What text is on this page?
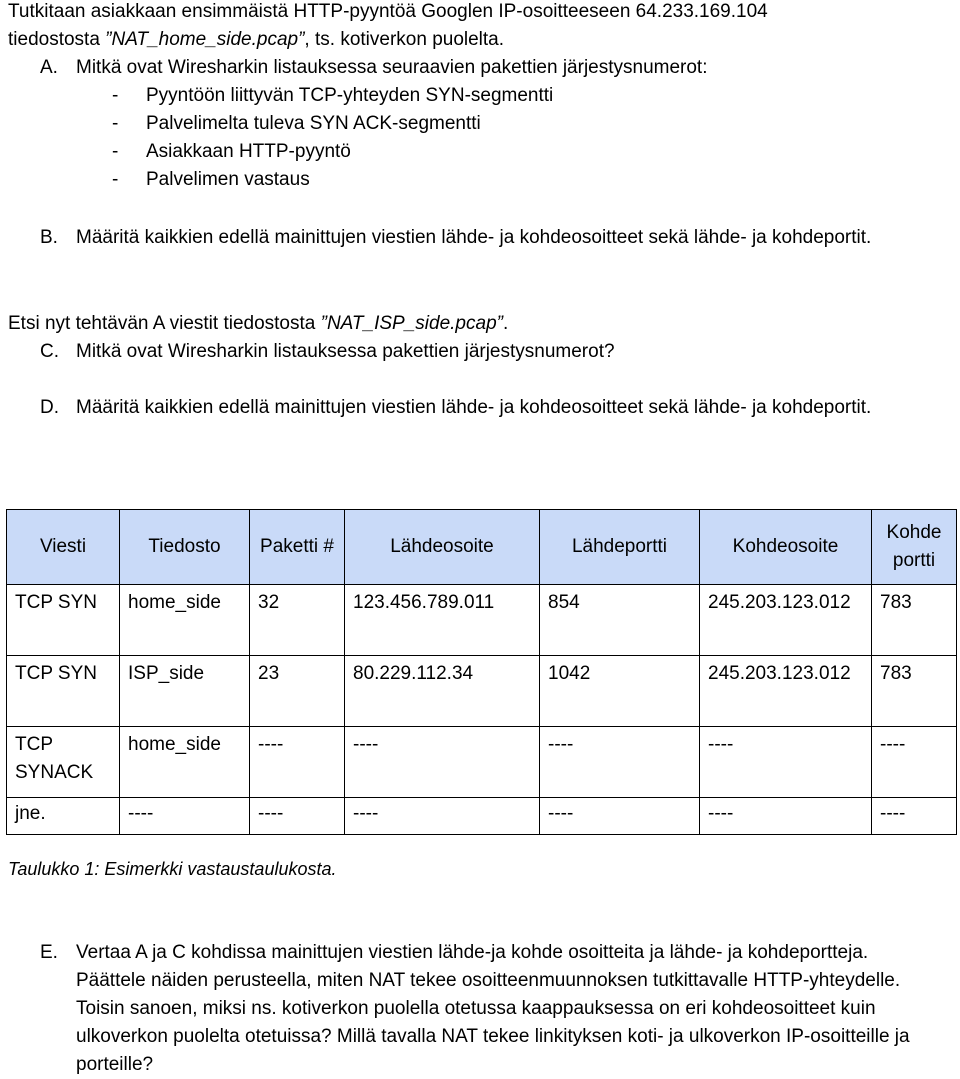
Tutkitaan asiakkaan ensimmäistä HTTP-pyyntöä Googlen IP-osoitteeseen 64.233.169.104

tiedostosta ”NAT_home_side.pcap”, ts. kotiverkon puolelta.

A. Mitkä ovat Wiresharkin listauksessa seuraavien pakettien järjestysnumerot:
- Pyyntöön liittyvän TCP-yhteyden SYN-segmentti
- Palvelimelta tuleva SYN ACK-segmentti
- Asiakkaan HTTP-pyyntö
- Palvelimen vastaus
B. Määritä kaikkien edellä mainittujen viestien lähde- ja kohdeosoitteet sekä lähde- ja kohdeportit.

Etsi nyt tehtävän A viestit tiedostosta ”NAT_ISP_side.pcap”.

C. Mitkä ovat Wiresharkin listauksessa pakettien järjestysnumerot?
D. Määritä kaikkien edellä mainittujen viestien lähde- ja kohdeosoitteet sekä lähde- ja kohdeportit.
Viesti	Tiedosto	Paketti #	Lähdeosoite	Lähdeportti	Kohdeosoite	Kohde portti
TCP SYN	home_side	32	123.456.789.011	854	245.203.123.012	783
TCP SYN	ISP_side	23	80.229.112.34	1042	245.203.123.012	783
TCP SYNACK	home_side	----	----	----	----	----
jne.	----	----	----	----	----	----

Taulukko 1: Esimerkki vastaustaulukosta.

E. Vertaa A ja C kohdissa mainittujen viestien lähde-ja kohde osoitteita ja lähde- ja kohdeportteja. Päättele näiden perusteella, miten NAT tekee osoitteenmuunnoksen tutkittavalle HTTP-yhteydelle. Toisin sanoen, miksi ns. kotiverkon puolella otetussa kaappauksessa on eri kohdeosoitteet kuin ulkoverkon puolelta otetuissa? Millä tavalla NAT tekee linkityksen koti- ja ulkoverkon IP-osoitteille ja porteille?
